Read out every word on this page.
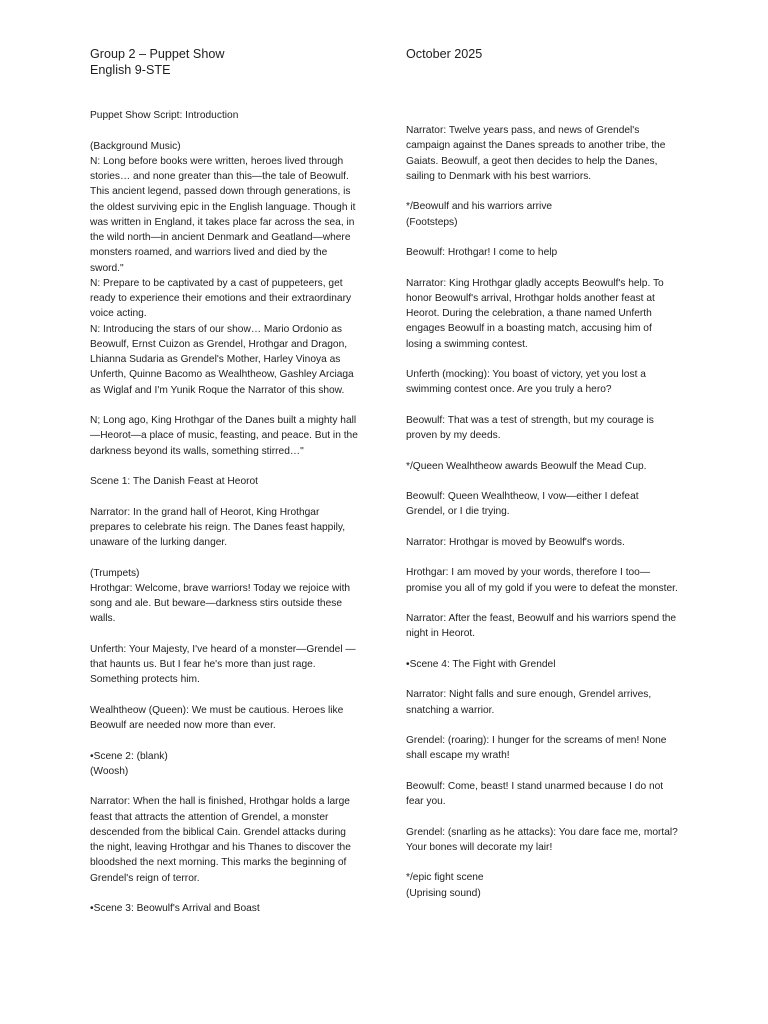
Group 2 – Puppet Show
English 9-STE
October 2025

Puppet Show Script: Introduction

(Background Music)
N: Long before books were written, heroes lived through stories… and none greater than this—the tale of Beowulf. This ancient legend, passed down through generations, is the oldest surviving epic in the English language. Though it was written in England, it takes place far across the sea, in the wild north—in ancient Denmark and Geatland—where monsters roamed, and warriors lived and died by the sword."
N: Prepare to be captivated by a cast of puppeteers, get ready to experience their emotions and their extraordinary voice acting.
N: Introducing the stars of our show… Mario Ordonio as Beowulf, Ernst Cuizon as Grendel, Hrothgar and Dragon, Lhianna Sudaria as Grendel's Mother, Harley Vinoya as Unferth, Quinne Bacomo as Wealhtheow, Gashley Arciaga as Wiglaf and I'm Yunik Roque the Narrator of this show.

N; Long ago, King Hrothgar of the Danes built a mighty hall —Heorot—a place of music, feasting, and peace. But in the darkness beyond its walls, something stirred…"

Scene 1: The Danish Feast at Heorot

Narrator: In the grand hall of Heorot, King Hrothgar prepares to celebrate his reign. The Danes feast happily, unaware of the lurking danger.

(Trumpets)
Hrothgar: Welcome, brave warriors! Today we rejoice with song and ale. But beware—darkness stirs outside these walls.

Unferth: Your Majesty, I've heard of a monster—Grendel —that haunts us. But I fear he's more than just rage. Something protects him.

Wealhtheow (Queen): We must be cautious. Heroes like Beowulf are needed now more than ever.

•Scene 2: (blank)
(Woosh)

Narrator: When the hall is finished, Hrothgar holds a large feast that attracts the attention of Grendel, a monster descended from the biblical Cain. Grendel attacks during the night, leaving Hrothgar and his Thanes to discover the bloodshed the next morning. This marks the beginning of Grendel's reign of terror.

•Scene 3: Beowulf's Arrival and Boast

Narrator: Twelve years pass, and news of Grendel's campaign against the Danes spreads to another tribe, the Gaiats. Beowulf, a geot then decides to help the Danes, sailing to Denmark with his best warriors.

*/Beowulf and his warriors arrive
(Footsteps)

Beowulf: Hrothgar! I come to help

Narrator: King Hrothgar gladly accepts Beowulf's help. To honor Beowulf's arrival, Hrothgar holds another feast at Heorot. During the celebration, a thane named Unferth engages Beowulf in a boasting match, accusing him of losing a swimming contest.

Unferth (mocking): You boast of victory, yet you lost a swimming contest once. Are you truly a hero?

Beowulf: That was a test of strength, but my courage is proven by my deeds.

*/Queen Wealhtheow awards Beowulf the Mead Cup.

Beowulf: Queen Wealhtheow, I vow—either I defeat Grendel, or I die trying.

Narrator: Hrothgar is moved by Beowulf's words.

Hrothgar: I am moved by your words, therefore I too— promise you all of my gold if you were to defeat the monster.

Narrator: After the feast, Beowulf and his warriors spend the night in Heorot.

•Scene 4: The Fight with Grendel

Narrator: Night falls and sure enough, Grendel arrives, snatching a warrior.

Grendel: (roaring): I hunger for the screams of men! None shall escape my wrath!

Beowulf: Come, beast! I stand unarmed because I do not fear you.

Grendel: (snarling as he attacks): You dare face me, mortal? Your bones will decorate my lair!

*/epic fight scene
(Uprising sound)
